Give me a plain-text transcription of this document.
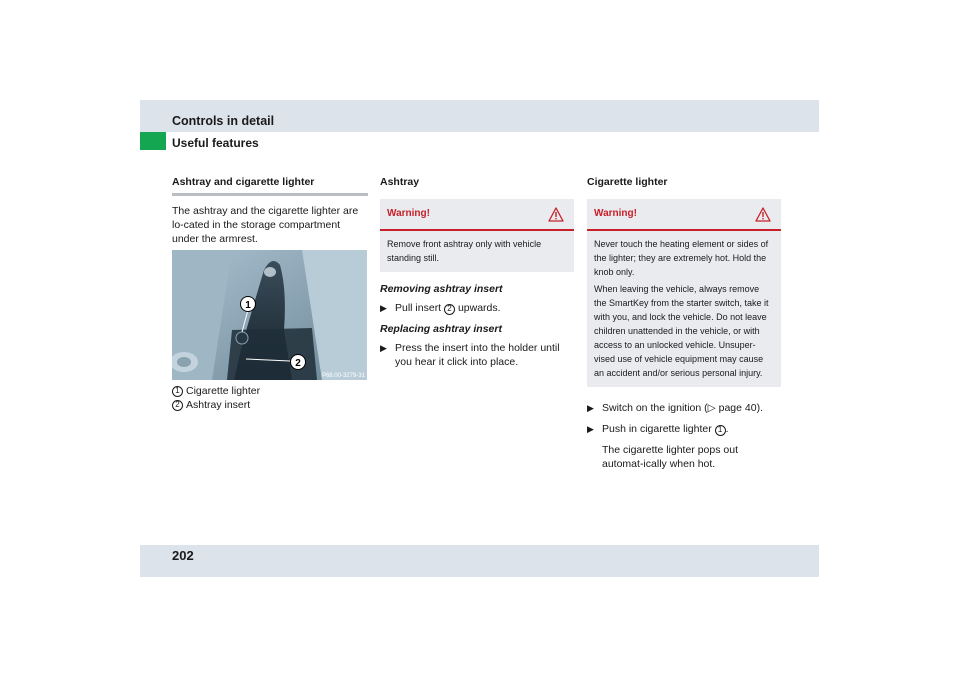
Controls in detail
Useful features
Ashtray and cigarette lighter
The ashtray and the cigarette lighter are lo-cated in the storage compartment under the armrest.
1
2
P68.00-3279-31
1 Cigarette lighter
2 Ashtray insert
Ashtray
Warning!
Remove front ashtray only with vehicle standing still.
Removing ashtray insert
▶ Pull insert 2 upwards.
Replacing ashtray insert
▶ Press the insert into the holder until you hear it click into place.
Cigarette lighter
Warning!
Never touch the heating element or sides of the lighter; they are extremely hot. Hold the knob only.
When leaving the vehicle, always remove the SmartKey from the starter switch, take it with you, and lock the vehicle. Do not leave children unattended in the vehicle, or with access to an unlocked vehicle. Unsuper-vised use of vehicle equipment may cause an accident and/or serious personal injury.
▶ Switch on the ignition (▷ page 40).
▶ Push in cigarette lighter 1 .
The cigarette lighter pops out automat-ically when hot.
202
